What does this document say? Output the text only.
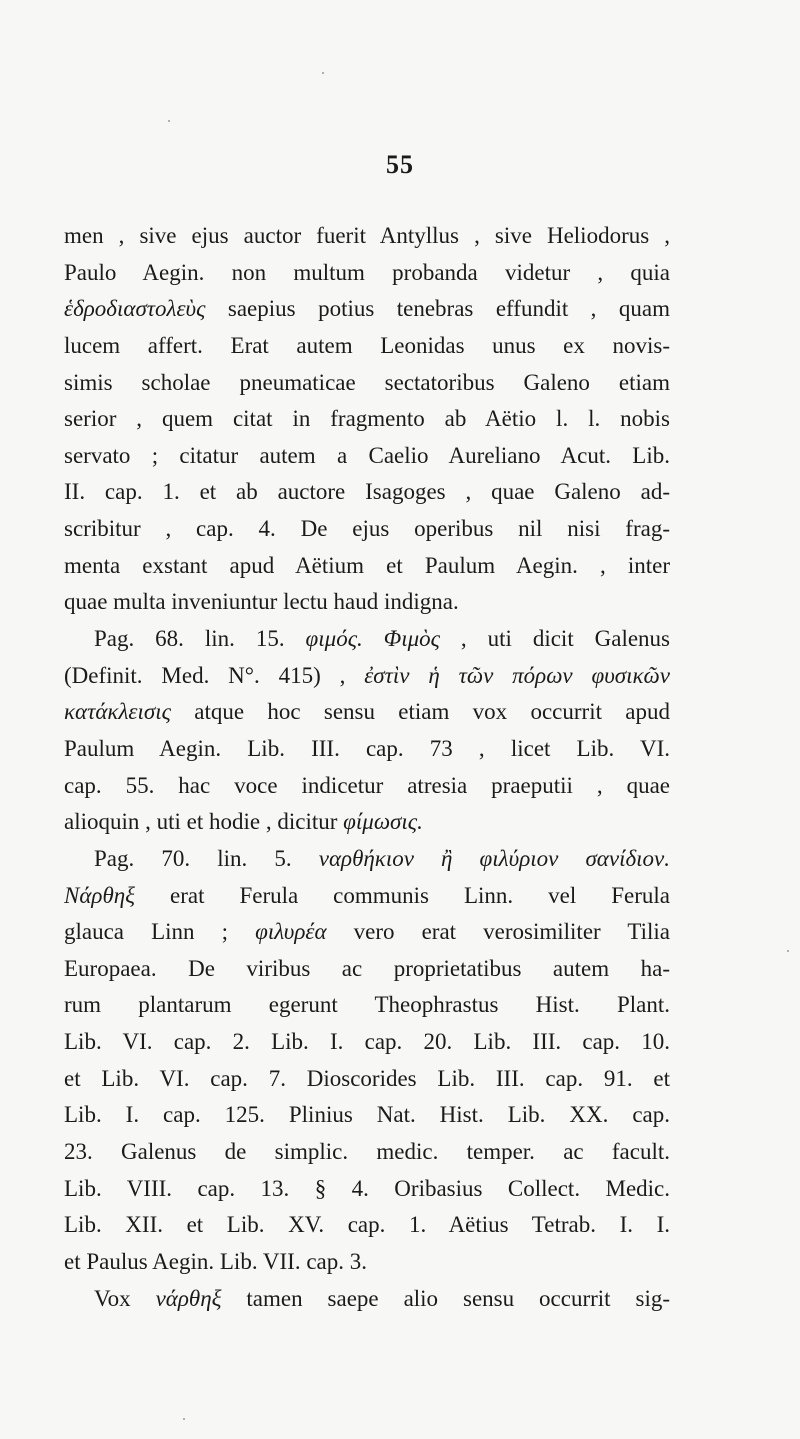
55
men , sive ejus auctor fuerit Antyllus , sive Heliodorus ,
Paulo Aegin. non multum probanda videtur , quia
ἑδροδιαστολεὺς saepius potius tenebras effundit , quam
lucem affert. Erat autem Leonidas unus ex novis-
simis scholae pneumaticae sectatoribus Galeno etiam
serior , quem citat in fragmento ab Aëtio l. l. nobis
servato ; citatur autem a Caelio Aureliano Acut. Lib.
II. cap. 1. et ab auctore Isagoges , quae Galeno ad-
scribitur , cap. 4. De ejus operibus nil nisi frag-
menta exstant apud Aëtium et Paulum Aegin. , inter
quae multa inveniuntur lectu haud indigna.
Pag. 68. lin. 15. φιμός. Φιμὸς , uti dicit Galenus
(Definit. Med. N°. 415) , ἐστὶν ἡ τῶν πόρων φυσικῶν
κατάκλεισις atque hoc sensu etiam vox occurrit apud
Paulum Aegin. Lib. III. cap. 73 , licet Lib. VI.
cap. 55. hac voce indicetur atresia praeputii , quae
alioquin , uti et hodie , dicitur φίμωσις.
Pag. 70. lin. 5. ναρθήκιον ἢ φιλύριον σανίδιον.
Νάρθηξ erat Ferula communis Linn. vel Ferula
glauca Linn ; φιλυρέα vero erat verosimiliter Tilia
Europaea. De viribus ac proprietatibus autem ha-
rum plantarum egerunt Theophrastus Hist. Plant.
Lib. VI. cap. 2. Lib. I. cap. 20. Lib. III. cap. 10.
et Lib. VI. cap. 7. Dioscorides Lib. III. cap. 91. et
Lib. I. cap. 125. Plinius Nat. Hist. Lib. XX. cap.
23. Galenus de simplic. medic. temper. ac facult.
Lib. VIII. cap. 13. § 4. Oribasius Collect. Medic.
Lib. XII. et Lib. XV. cap. 1. Aëtius Tetrab. I. I.
et Paulus Aegin. Lib. VII. cap. 3.
Vox νάρθηξ tamen saepe alio sensu occurrit sig-
